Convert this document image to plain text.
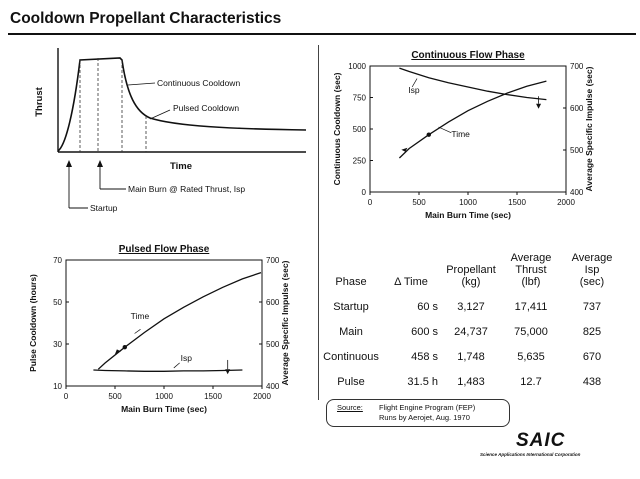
Cooldown Propellant Characteristics
Thrust
Time
Continuous Cooldown
Pulsed Cooldown
Startup
Main Burn @ Rated Thrust, Isp
Continuous Flow Phase
0	500	1000	1500	2000
0
250
500
750
1000
400
500
600
700
Main Burn Time (sec)
Continuous Cooldown (sec)	Average Specific Impulse (sec)
Isp
Time
Pulsed Flow Phase
0	500	1000	1500	2000
10
30
50
70
400
500
600
700
Main Burn Time (sec)
Pulse Cooldown (hours)	Average Specific Impulse (sec)
Time
Isp
Phase	Δ Time
Propellant
(kg)
Average
Thrust
(lbf)
Average
Isp
(sec)
Startup	60 s	3,127	17,411	737
Main	600 s	24,737	75,000	825
Continuous	458 s	1,748	5,635	670
Pulse	31.5 h	1,483	12.7	438
Source: Flight Engine Program (FEP)
Runs by Aerojet, Aug. 1970
SAIC
Science Applications International Corporation
